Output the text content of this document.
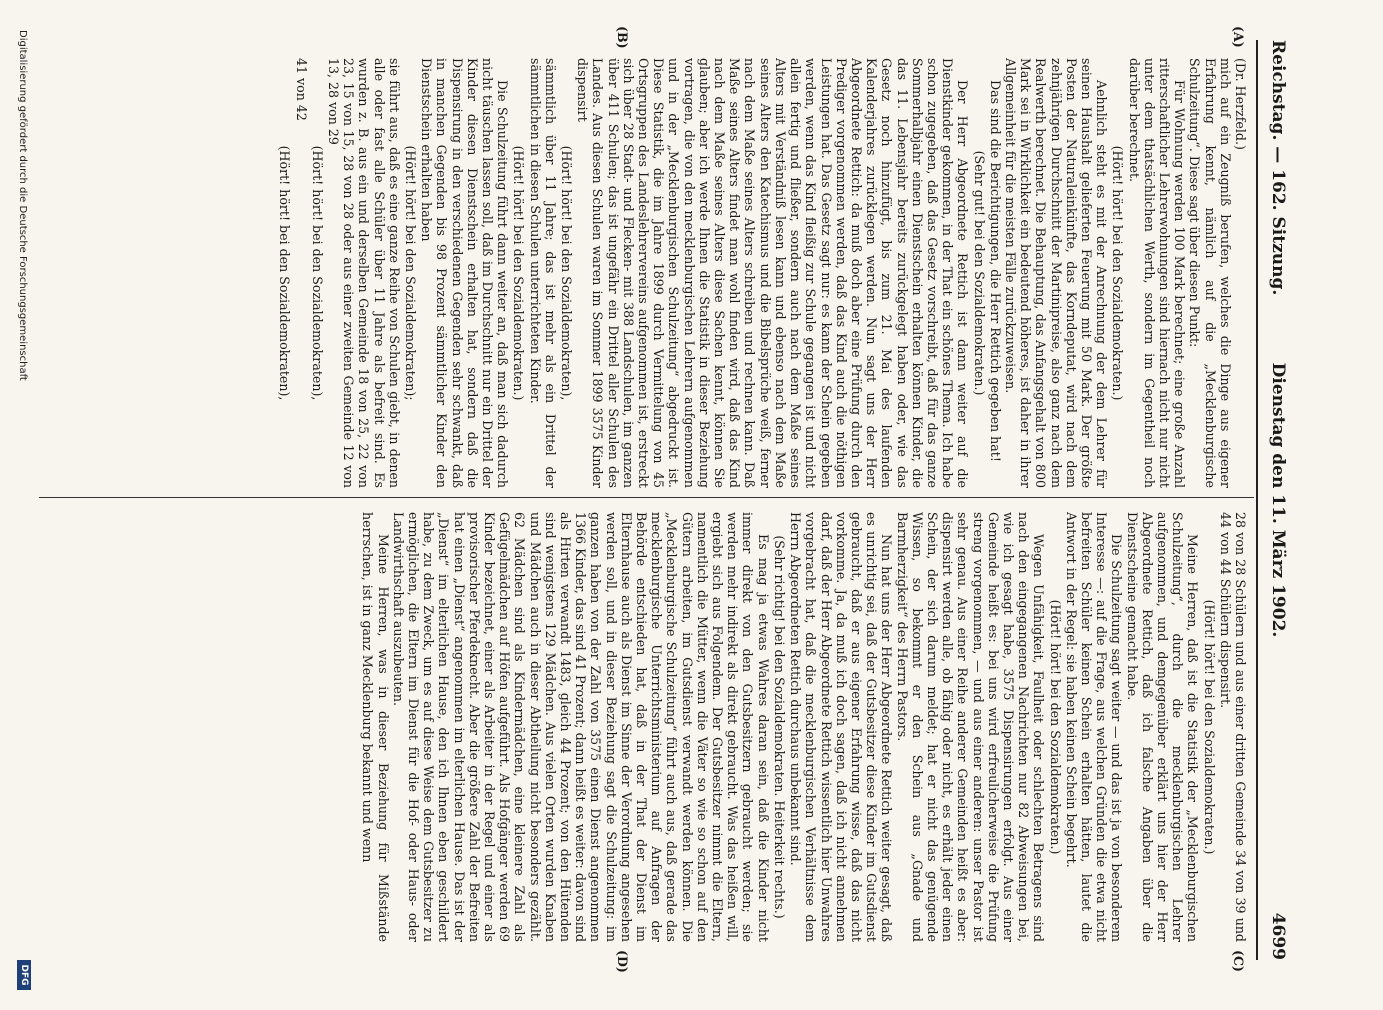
Reichstag. — 162. Sitzung.
Dienstag den 11. März 1902.
4699
(A)
(B)
(C)
(D)

(Dr. Herzfeld.)

mich auf ein Zeugniß berufen, welches die Dinge aus eigener Erfahrung kennt, nämlich auf die „Mecklenburgische Schulzeitung“. Diese sagt über diesen Punkt:

Für Wohnung werden 100 Mark berechnet; eine große Anzahl ritterschaftlicher Lehrerwohnungen sind hiernach nicht nur nicht unter dem thatsächlichen Werth, sondern im Gegentheil noch darüber berechnet.

(Hört! hört! bei den Sozialdemokraten.)

Aehnlich steht es mit der Anrechnung der dem Lehrer für seinen Haushalt gelieferten Feuerung mit 50 Mark. Der größte Posten der Naturaleinkünfte, das Korndeputat, wird nach dem zehnjährigen Durchschnitt der Martinipreise, also ganz nach dem Realwerth berechnet. Die Behauptung, das Anfangsgehalt von 800 Mark sei in Wirklichkeit ein bedeutend höheres, ist daher in ihrer Allgemeinheit für die meisten Fälle zurückzuweisen.

Das sind die Berichtigungen, die Herr Rettich gegeben hat!

(Sehr gut! bei den Sozialdemokraten.)

Der Herr Abgeordnete Rettich ist dann weiter auf die Dienstkinder gekommen, in der That ein schönes Thema. Ich habe schon zugegeben, daß das Gesetz vorschreibt, daß für das ganze Sommerhalbjahr einen Dienstschein erhalten können Kinder, die das 11. Lebensjahr bereits zurückgelegt haben oder, wie das Gesetz noch hinzufügt, bis zum 21. Mai des laufenden Kalenderjahres zurücklegen werden. Nun sagt uns der Herr Abgeordnete Rettich: da muß doch aber eine Prüfung durch den Prediger vorgenommen werden, daß das Kind auch die nöthigen Leistungen hat. Das Gesetz sagt nur: es kann der Schein gegeben werden, wenn das Kind fleißig zur Schule gegangen ist und nicht allein fertig und fließer, sondern auch nach dem Maße seines Alters mit Verständniß lesen kann und ebenso nach dem Maße seines Alters den Katechismus und die Bibelsprüche weiß, ferner nach dem Maße seines Alters schreiben und rechnen kann. Daß Maße seines Alters findet man wohl finden wird, daß das Kind nach dem Maße seines Alters diese Sachen kennt, können Sie glauben; aber ich werde Ihnen die Statistik in dieser Beziehung vortragen, die von den mecklenburgischen Lehrern aufgenommen und in der „Mecklenburgischen Schulzeitung“ abgedruckt ist. Diese Statistik, die im Jahre 1899 durch Vermittelung von 45 Ortsgruppen des Landeslehrervereins aufgenommen ist, erstreckt sich über 28 Stadt- und Flecken- mit 388 Landschulen, im ganzen über 411 Schulen; das ist ungefähr ein Drittel aller Schulen des Landes. Aus diesen Schulen waren im Sommer 1899 3575 Kinder dispensirt

(Hört! hört! bei den Sozialdemokraten),

sämmtlich über 11 Jahre; das ist mehr als ein Drittel der sämmtlichen in diesen Schulen unterrichteten Kinder.

(Hört! hört! bei den Sozialdemokraten.)

Die Schulzeitung führt dann weiter an, daß man sich dadurch nicht täuschen lassen soll, daß im Durchschnitt nur ein Drittel der Kinder diesen Dienstschein erhalten hat, sondern daß die Dispensirung in den verschiedenen Gegenden sehr schwankt, daß in manchen Gegenden bis 98 Prozent sämmtlicher Kinder den Dienstschein erhalten haben

(Hört! hört! bei den Sozialdemokraten);

sie führt aus, daß es eine ganze Reihe von Schulen giebt, in denen alle oder fast alle Schüler über 11 Jahre als befreit sind. Es wurden z. B. aus ein und derselben Gemeinde 18 von 25, 22 von 23, 15 von 15, 28 von 28 oder aus einer zweiten Gemeinde 12 von 13, 28 von 29

(Hört! hört! bei den Sozialdemokraten),

41 von 42

(Hört! hört! bei den Sozialdemokraten),

28 von 28 Schülern und aus einer dritten Gemeinde 34 von 39 und 44 von 44 Schülern dispensirt.

(Hört! hört! bei den Sozialdemokraten.)

Meine Herren, daß ist die Statistik der „Mecklenburgischen Schulzeitung“, durch die mecklenburgischen Lehrer aufgenommen, und demgegenüber erklärt uns hier der Herr Abgeordnete Rettich, daß ich falsche Angaben über die Dienstscheine gemacht habe.

Die Schulzeitung sagt weiter — und das ist ja von besonderem Interesse —: auf die Frage, aus welchen Gründen die etwa nicht befreiten Schüler keinen Schein erhalten hätten, lautet die Antwort in der Regel: sie haben keinen Schein begehrt.

(Hört! hört! bei den Sozialdemokraten.)

Wegen Unfähigkeit, Faulheit oder schlechten Betragens sind nach den eingegangenen Nachrichten nur 82 Abweisungen bei, wie ich gesagt habe, 3575 Dispensirungen erfolgt. Aus einer Gemeinde heißt es: bei uns wird erfreulicherweise die Prüfung streng vorgenommen, — und aus einer anderen: unser Pastor ist sehr genau. Aus einer Reihe anderer Gemeinden heißt es aber: dispensirt werden alle, ob fähig oder nicht, es erhält jeder einen Schein, der sich darum meldet; hat er nicht das genügende Wissen, so bekommt er den Schein aus „Gnade und Barmherzigkeit“ des Herrn Pastors.

Nun hat uns der Herr Abgeordnete Rettich weiter gesagt, daß es unrichtig sei, daß der Gutsbesitzer diese Kinder im Gutsdienst gebraucht, daß er aus eigener Erfahrung wisse, daß das nicht vorkomme. Ja, da muß ich doch sagen, daß ich nicht annehmen darf, daß der Herr Abgeordnete Rettich wissentlich hier Unwahres vorgebracht hat, daß die mecklenburgischen Verhältnisse dem Herrn Abgeordneten Rettich durchaus unbekannt sind.

(Sehr richtig! bei den Sozialdemokraten. Heiterkeit rechts.)

Es mag ja etwas Wahres daran sein, daß die Kinder nicht immer direkt von den Gutsbesitzern gebraucht werden; sie werden mehr indirekt als direkt gebraucht. Was das heißen will, ergiebt sich aus Folgendem. Der Gutsbesitzer nimmt die Eltern, namentlich die Mütter, wenn die Väter so wie so schon auf den Gütern arbeiten, im Gutsdienst verwandt werden können. Die „Mecklenburgische Schulzeitung“ führt auch aus, daß gerade das mecklenburgische Unterrichtsministerium auf Anfragen der Behörde entschieden hat, daß in der That der Dienst im Elternhause auch als Dienst im Sinne der Verordnung angesehen werden soll, und in dieser Beziehung sagt die Schulzeitung: im ganzen haben von der Zahl von 3575 einen Dienst angenommen 1366 Kinder, das sind 41 Prozent; dann heißt es weiter: davon sind als Hirten verwandt 1483, gleich 44 Prozent; von den Hütenden sind wenigstens 129 Mädchen. Aus vielen Orten wurden Knaben und Mädchen auch in dieser Abtheilung nicht besonders gezählt. 62 Mädchen sind als Kindermädchen, eine kleinere Zahl als Gefügelmädchen auf Höfen aufgeführt. Als Hofgänger werden 69 Kinder bezeichnet, einer als Arbeiter in der Regel und einer als provisorischer Pferdeknecht. Aber die größere Zahl der Befreiten hat einen „Dienst“ angenommen im elterlichen Hause. Das ist der „Dienst“ im elterlichen Hause, den ich Ihnen eben geschildert habe, zu dem Zweck, um es auf diese Weise dem Gutsbesitzer zu ermöglichen, die Eltern im Dienst für die Hof- oder Haus- oder Landwirthschaft auszubeuten.

Meine Herren, was in dieser Beziehung für Mißstände herrschen, ist in ganz Mecklenburg bekannt und wenn

Digitalisierung gefördert durch die Deutsche Forschungsgemeinschaft
DFG
